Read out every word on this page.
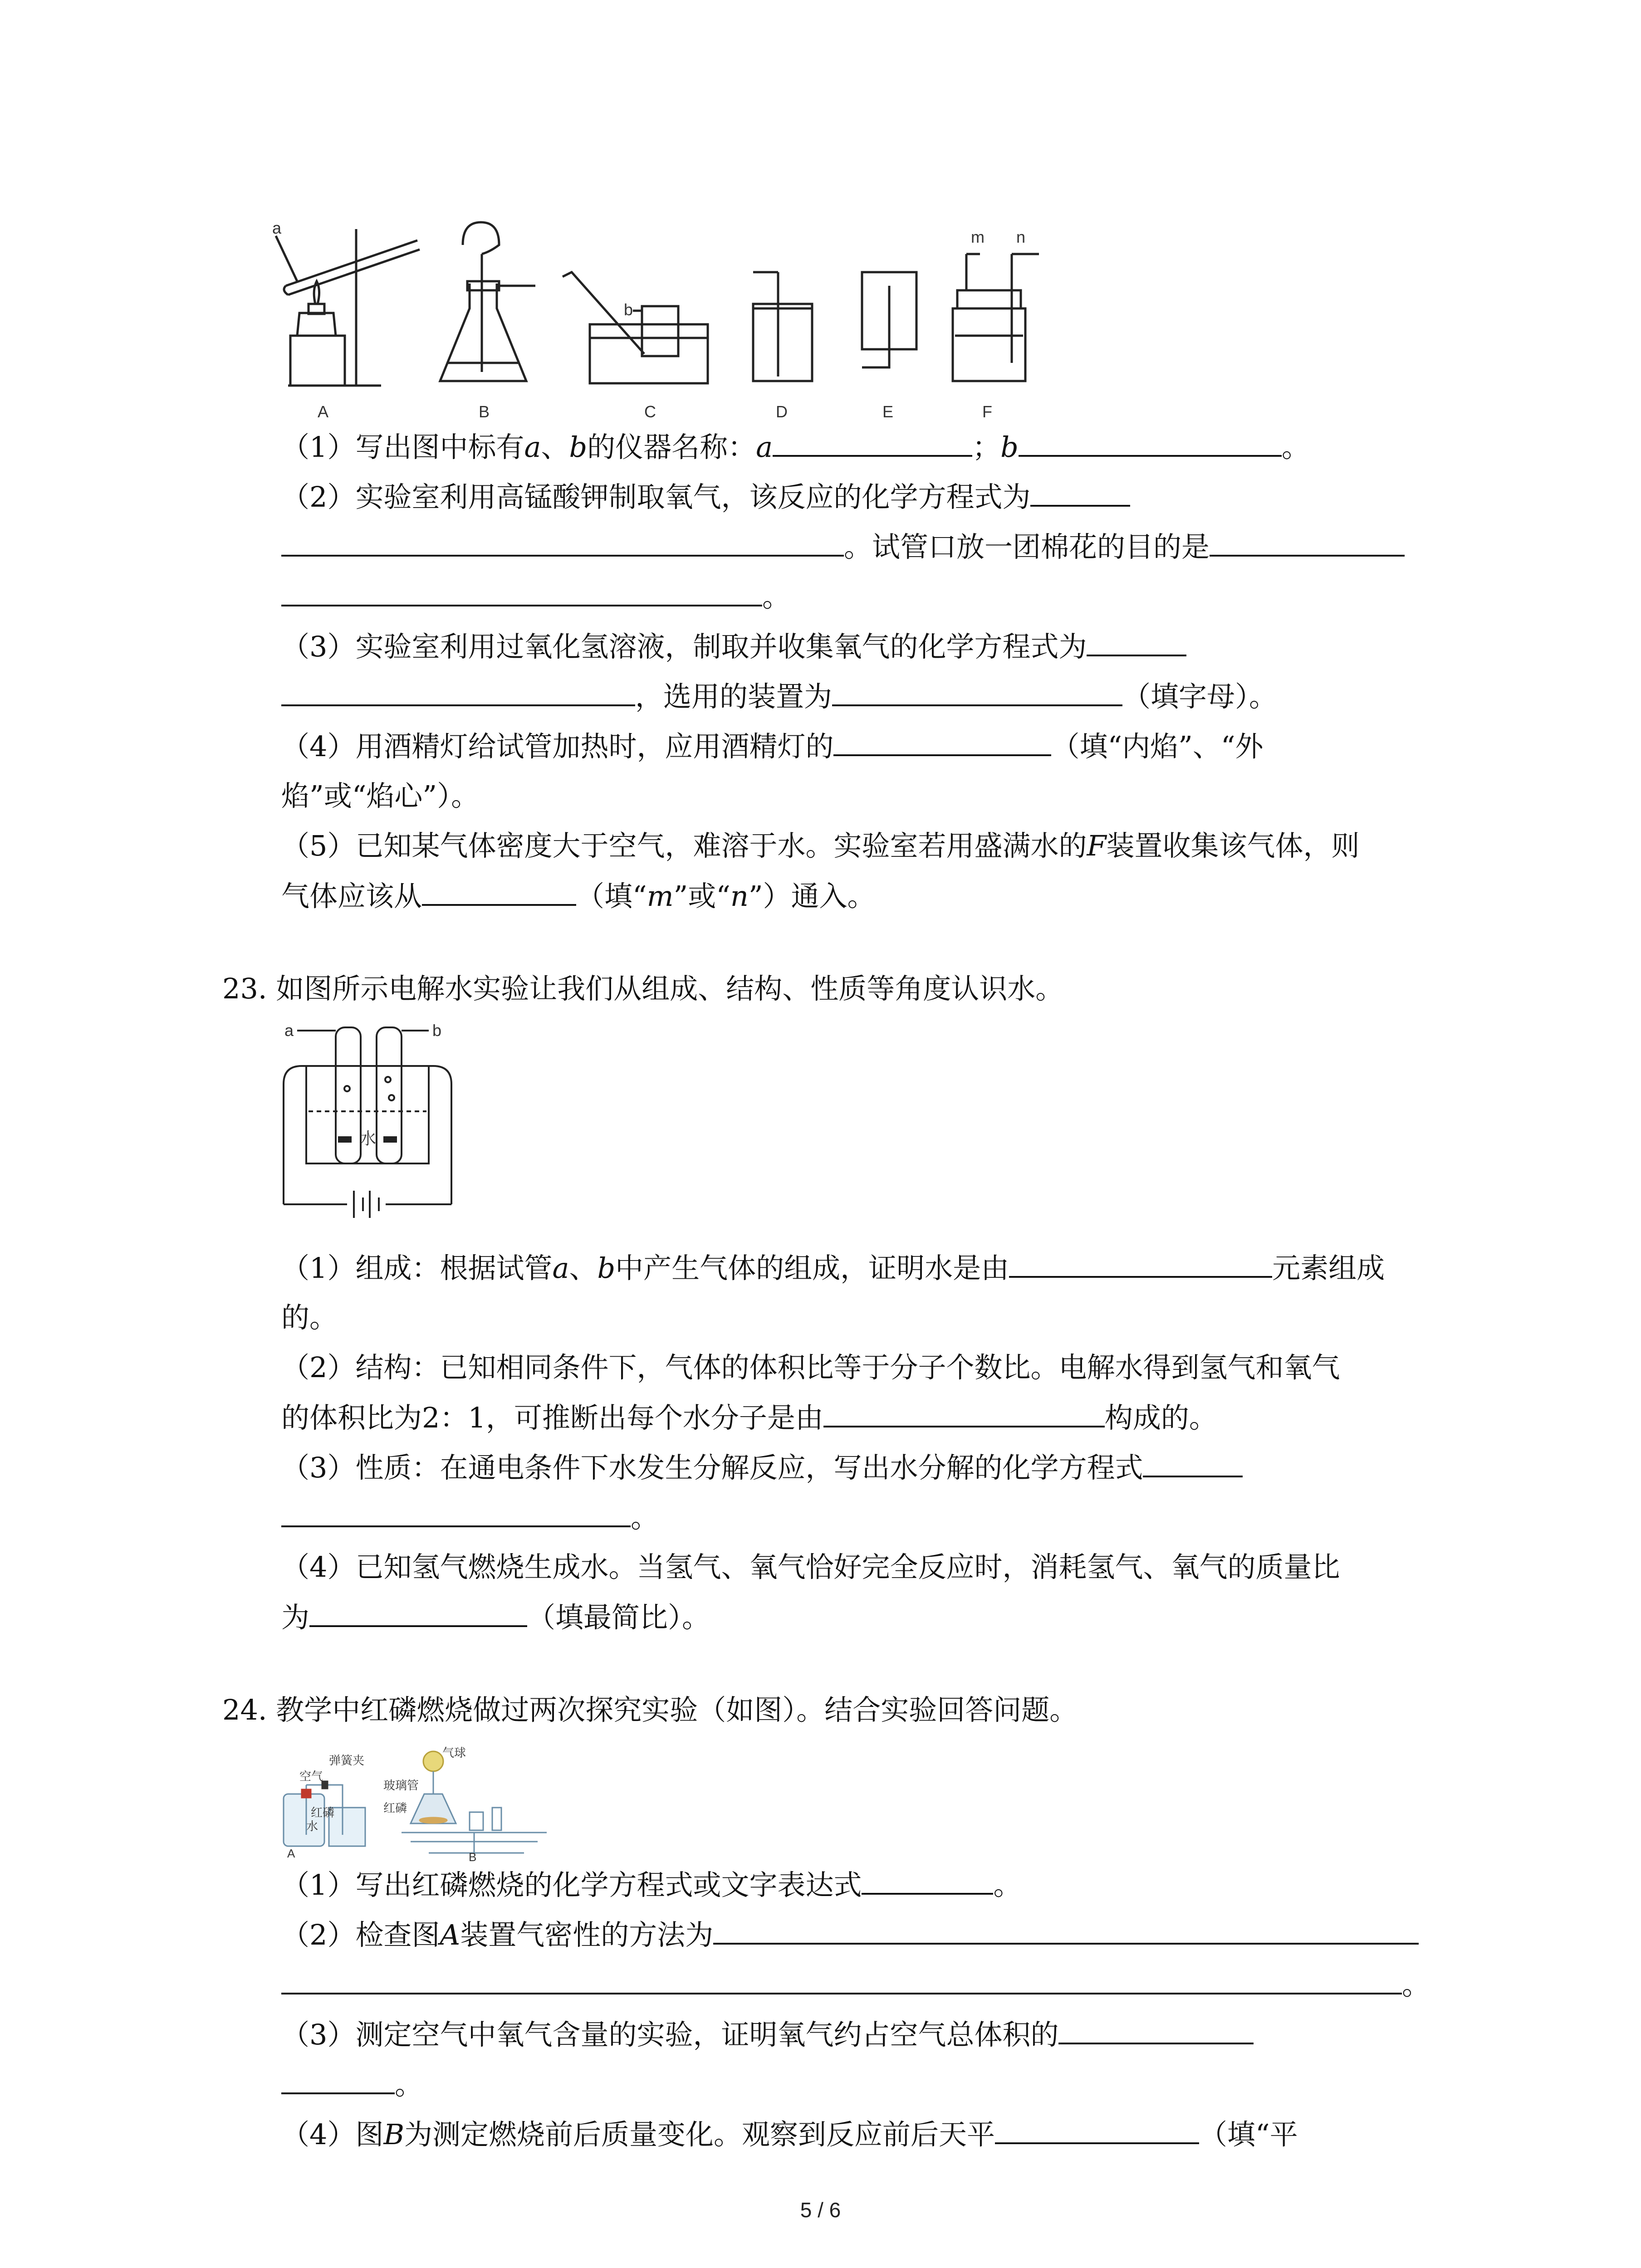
a
A	B
b
C	D	E
m n
F
（1）写出图中标有a、b的仪器名称：a	；b	。
（2）实验室利用高锰酸钾制取氧气，该反应的化学方程式为
。试管口放一团棉花的目的是
。
（3）实验室利用过氧化氢溶液，制取并收集氧气的化学方程式为
，选用的装置为	（填字母）。
（4）用酒精灯给试管加热时，应用酒精灯的	（填“内焰”、“外
焰”或“焰心”）。
（5）已知某气体密度大于空气，难溶于水。实验室若用盛满水的F装置收集该气体，则
气体应该从	（填“m”或“n”）通入。
23. 如图所示电解水实验让我们从组成、结构、性质等角度认识水。
a	b
水
（1）组成：根据试管a、b中产生气体的组成，证明水是由	元素组成
的。
（2）结构：已知相同条件下，气体的体积比等于分子个数比。电解水得到氢气和氧气
的体积比为2：1，可推断出每个水分子是由	构成的。
（3）性质：在通电条件下水发生分解反应，写出水分解的化学方程式
。
（4）已知氢气燃烧生成水。当氢气、氧气恰好完全反应时，消耗氢气、氧气的质量比
为	（填最简比）。
24. 教学中红磷燃烧做过两次探究实验（如图）。结合实验回答问题。
弹簧夹
空气
红磷
水
A
气球
玻璃管
红磷
B
（1）写出红磷燃烧的化学方程式或文字表达式	。
（2）检查图A装置气密性的方法为
。
（3）测定空气中氧气含量的实验，证明氧气约占空气总体积的
。
（4）图B为测定燃烧前后质量变化。观察到反应前后天平	（填“平
5 / 6
